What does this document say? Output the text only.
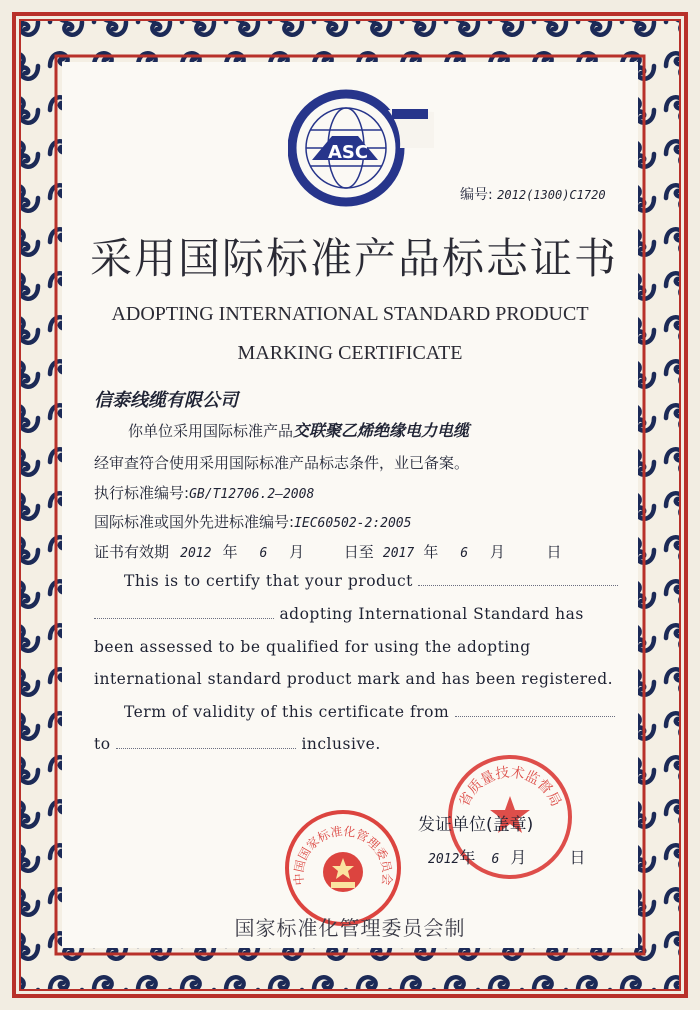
ASC
编号: 2012(1300)C1720
采用国际标准产品标志证书
ADOPTING INTERNATIONAL STANDARD PRODUCT
MARKING CERTIFICATE
信泰线缆有限公司
你单位采用国际标准产品交联聚乙烯绝缘电力电缆
经审查符合使用采用国际标准产品标志条件，业已备案。
执行标准编号:GB/T12706.2—2008
国际标准或国外先进标准编号:IEC60502-2:2005
证书有效期 2012 年 6 月	日至 2017 年 6 月	日
This is to certify that your product
adopting International Standard has
been assessed to be qualified for using the adopting
international standard product mark and has been registered.
Term of validity of this certificate from
to	inclusive.
省质量技术监督局
中国国家标准化管理委员会
发证单位(盖章)
2012年 6 月	日
国家标准化管理委员会制
